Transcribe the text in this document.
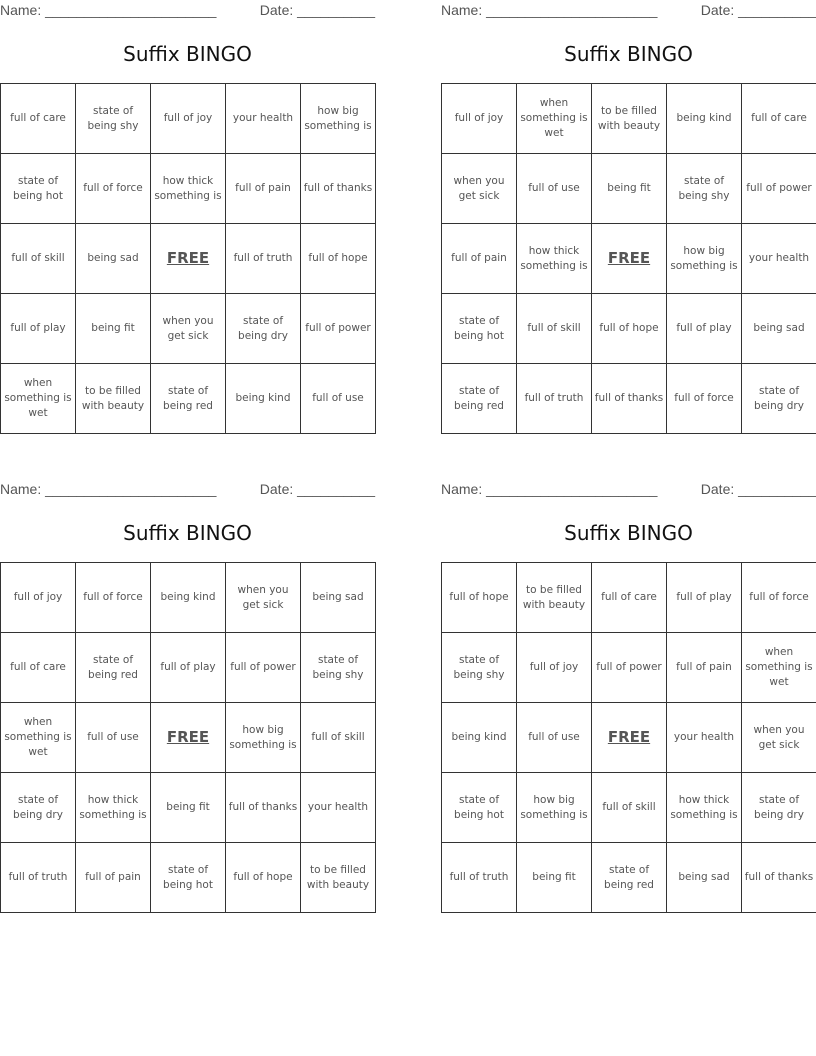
Name: ______________________	Date: __________
Suffix BINGO
full of care	state of being shy	full of joy	your health	how big something is
state of being hot	full of force	how thick something is	full of pain	full of thanks
full of skill	being sad	FREE	full of truth	full of hope
full of play	being fit	when you get sick	state of being dry	full of power
when something is wet	to be filled with beauty	state of being red	being kind	full of use
Name: ______________________	Date: __________
Suffix BINGO
full of joy	when something is wet	to be filled with beauty	being kind	full of care
when you get sick	full of use	being fit	state of being shy	full of power
full of pain	how thick something is	FREE	how big something is	your health
state of being hot	full of skill	full of hope	full of play	being sad
state of being red	full of truth	full of thanks	full of force	state of being dry
Name: ______________________	Date: __________
Suffix BINGO
full of joy	full of force	being kind	when you get sick	being sad
full of care	state of being red	full of play	full of power	state of being shy
when something is wet	full of use	FREE	how big something is	full of skill
state of being dry	how thick something is	being fit	full of thanks	your health
full of truth	full of pain	state of being hot	full of hope	to be filled with beauty
Name: ______________________	Date: __________
Suffix BINGO
full of hope	to be filled with beauty	full of care	full of play	full of force
state of being shy	full of joy	full of power	full of pain	when something is wet
being kind	full of use	FREE	your health	when you get sick
state of being hot	how big something is	full of skill	how thick something is	state of being dry
full of truth	being fit	state of being red	being sad	full of thanks
